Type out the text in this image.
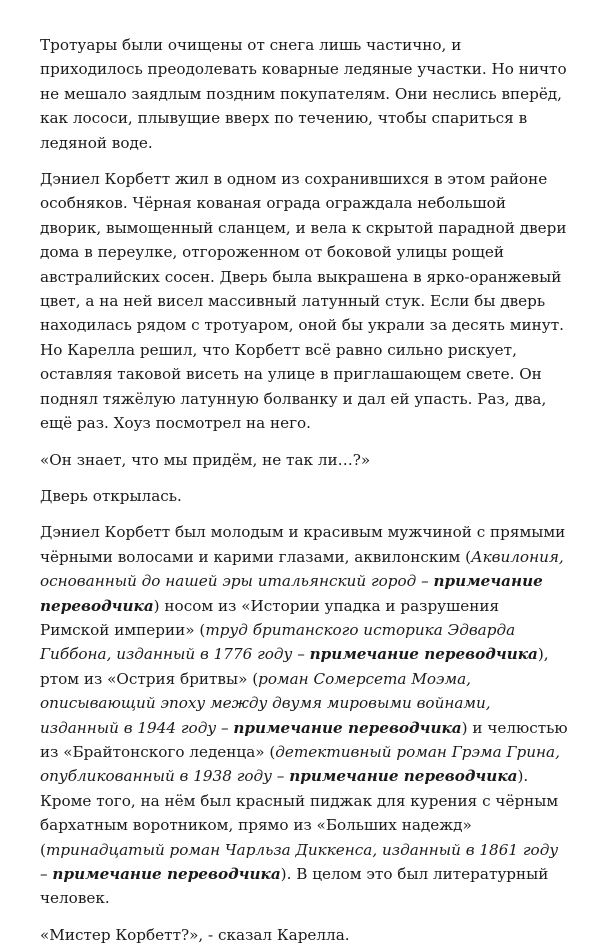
Тротуары были очищены от снега лишь частично, и приходилось преодолевать коварные ледяные участки. Но ничто не мешало заядлым поздним покупателям. Они неслись вперёд, как лососи, плывущие вверх по течению, чтобы спариться в ледяной воде.

Дэниел Корбетт жил в одном из сохранившихся в этом районе особняков. Чёрная кованая ограда ограждала небольшой дворик, вымощенный сланцем, и вела к скрытой парадной двери дома в переулке, отгороженном от боковой улицы рощей австралийских сосен. Дверь была выкрашена в ярко-оранжевый цвет, а на ней висел массивный латунный стук. Если бы дверь находилась рядом с тротуаром, оной бы украли за десять минут. Но Карелла решил, что Корбетт всё равно сильно рискует, оставляя таковой висеть на улице в приглашающем свете. Он поднял тяжёлую латунную болванку и дал ей упасть. Раз, два, ещё раз. Хоуз посмотрел на него.

«Он знает, что мы придём, не так ли…?»

Дверь открылась.

Дэниел Корбетт был молодым и красивым мужчиной с прямыми чёрными волосами и карими глазами, аквилонским (Аквилония, основанный до нашей эры итальянский город – примечание переводчика) носом из «Истории упадка и разрушения Римской империи» (труд британского историка Эдварда Гиббона, изданный в 1776 году – примечание переводчика), ртом из «Острия бритвы» (роман Сомерсета Моэма, описывающий эпоху между двумя мировыми войнами, изданный в 1944 году – примечание переводчика) и челюстью из «Брайтонского леденца» (детективный роман Грэма Грина, опубликованный в 1938 году – примечание переводчика). Кроме того, на нём был красный пиджак для курения с чёрным бархатным воротником, прямо из «Больших надежд» (тринадцатый роман Чарльза Диккенса, изданный в 1861 году – примечание переводчика). В целом это был литературный человек.

«Мистер Корбетт?», - сказал Карелла.
